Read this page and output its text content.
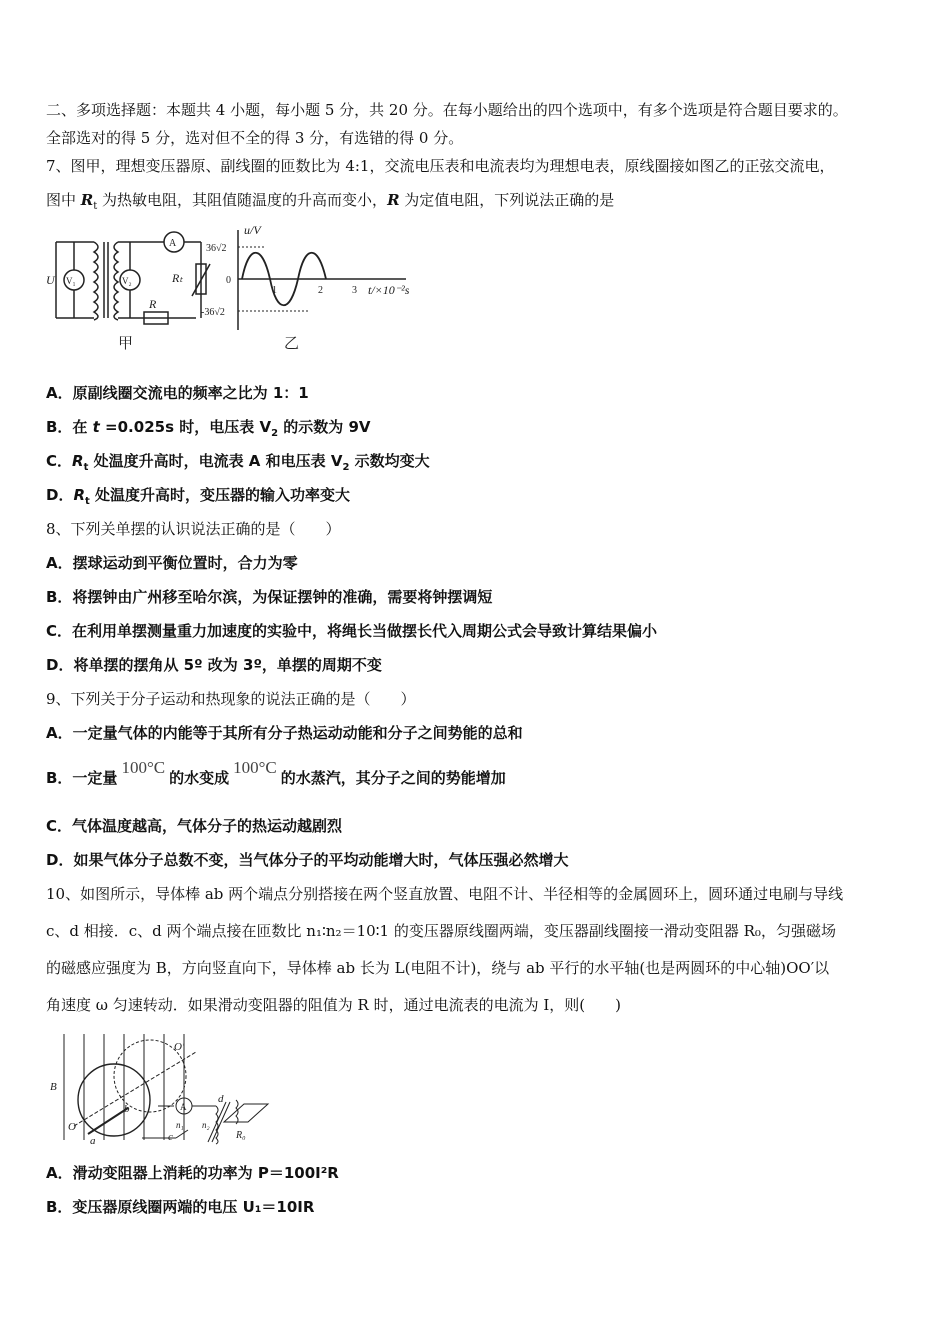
二、多项选择题：本题共 4 小题，每小题 5 分，共 20 分。在每小题给出的四个选项中，有多个选项是符合题目要求的。
全部选对的得 5 分，选对但不全的得 3 分，有选错的得 0 分。
7、图甲，理想变压器原、副线圈的匝数比为 4:1，交流电压表和电流表均为理想电表，原线圈接如图乙的正弦交流电，
图中 $R_t$ 为热敏电阻，其阻值随温度的升高而变小，R 为定值电阻，下列说法正确的是
U V₁	V₂
A
Rₜ
R
u/V
36√2
0
-36√2
1	2	3 t/×10⁻²s
甲	乙
A．原副线圈交流电的频率之比为 1：1
B．在 t =0.025s 时，电压表 $V_2$ 的示数为 9V
C．$R_t$ 处温度升高时，电流表 A 和电压表 $V_2$ 示数均变大
D．$R_t$ 处温度升高时，变压器的输入功率变大
8、下列关单摆的认识说法正确的是（　　）
A．摆球运动到平衡位置时，合力为零
B．将摆钟由广州移至哈尔滨，为保证摆钟的准确，需要将钟摆调短
C．在利用单摆测量重力加速度的实验中，将绳长当做摆长代入周期公式会导致计算结果偏小
D．将单摆的摆角从 5º 改为 3º，单摆的周期不变
9、下列关于分子运动和热现象的说法正确的是（　　）
A．一定量气体的内能等于其所有分子热运动动能和分子之间势能的总和
B．一定量100°C的水变成100°C的水蒸汽，其分子之间的势能增加
C．气体温度越高，气体分子的热运动越剧烈
D．如果气体分子总数不变，当气体分子的平均动能增大时，气体压强必然增大
10、如图所示，导体棒 ab 两个端点分别搭接在两个竖直放置、电阻不计、半径相等的金属圆环上，圆环通过电刷与导线
c、d 相接．c、d 两个端点接在匝数比 n₁∶n₂＝10∶1 的变压器原线圈两端，变压器副线圈接一滑动变阻器 R₀，匀强磁场
的磁感应强度为 B，方向竖直向下，导体棒 ab 长为 L(电阻不计)，绕与 ab 平行的水平轴(也是两圆环的中心轴)OO′以
角速度 ω 匀速转动．如果滑动变阻器的阻值为 R 时，通过电流表的电流为 I，则(　　)
B
O
O′
a
b
c
d
A
n₁ n₂
R₀
A．滑动变阻器上消耗的功率为 P＝100I²R
B．变压器原线圈两端的电压 U₁＝10IR
